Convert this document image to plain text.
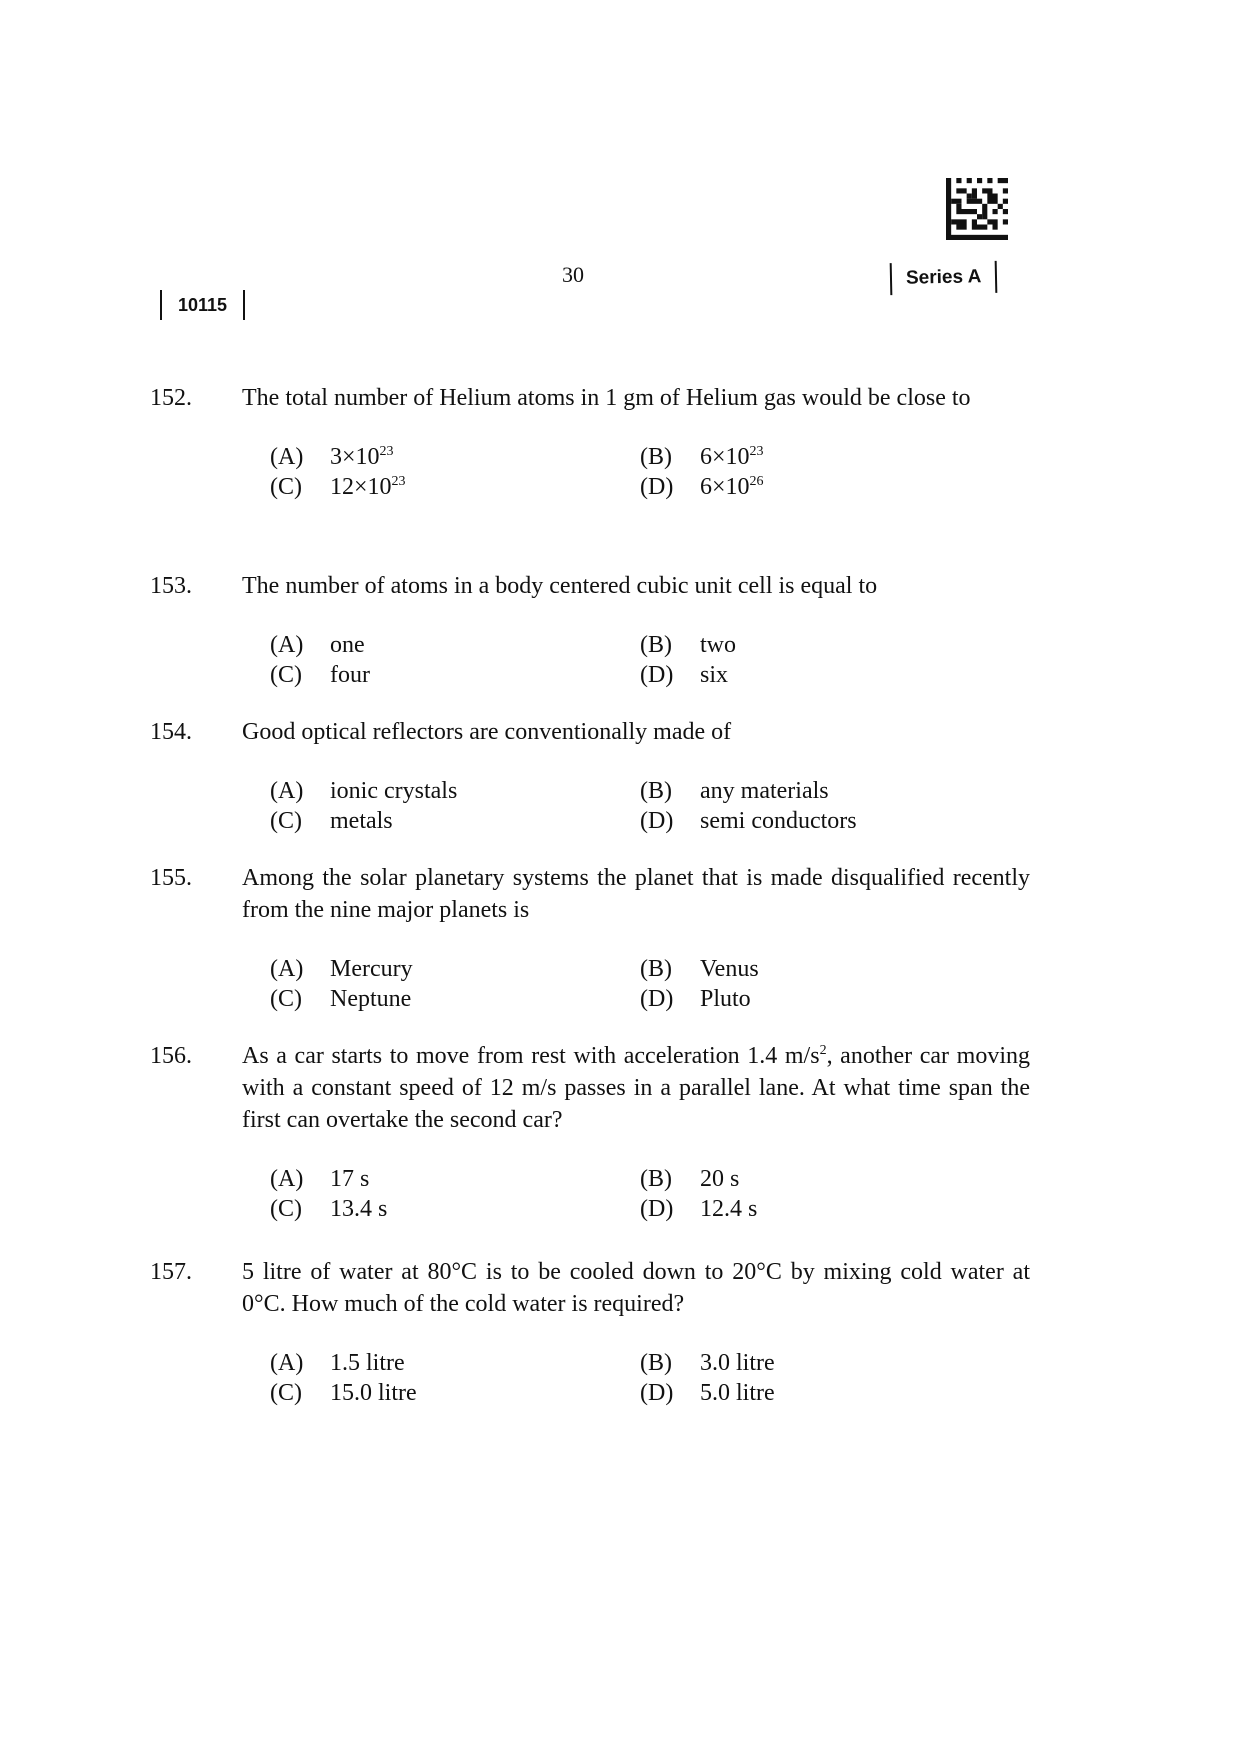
30
10115
Series A
152.	The total number of Helium atoms in 1 gm of Helium gas would be close to
(A)	$3\times 10^{23}$	(B)	$6\times 10^{23}$
(C)	$12\times 10^{23}$	(D)	$6\times 10^{26}$
153.	The number of atoms in a body centered cubic unit cell is equal to
(A)	one	(B)	two
(C)	four	(D)	six
154.	Good optical reflectors are conventionally made of
(A)	ionic crystals	(B)	any materials
(C)	metals	(D)	semi conductors
155.	Among the solar planetary systems the planet that is made disqualified recently from the nine major planets is
(A)	Mercury	(B)	Venus
(C)	Neptune	(D)	Pluto
156.	As a car starts to move from rest with acceleration 1.4 $m/s^2$, another car moving with a constant speed of 12 m/s passes in a parallel lane. At what time span the first can overtake the second car?
(A)	17 s	(B)	20 s
(C)	13.4 s	(D)	12.4 s
157.	5 litre of water at 80°C is to be cooled down to 20°C by mixing cold water at 0°C. How much of the cold water is required?
(A)	1.5 litre	(B)	3.0 litre
(C)	15.0 litre	(D)	5.0 litre
